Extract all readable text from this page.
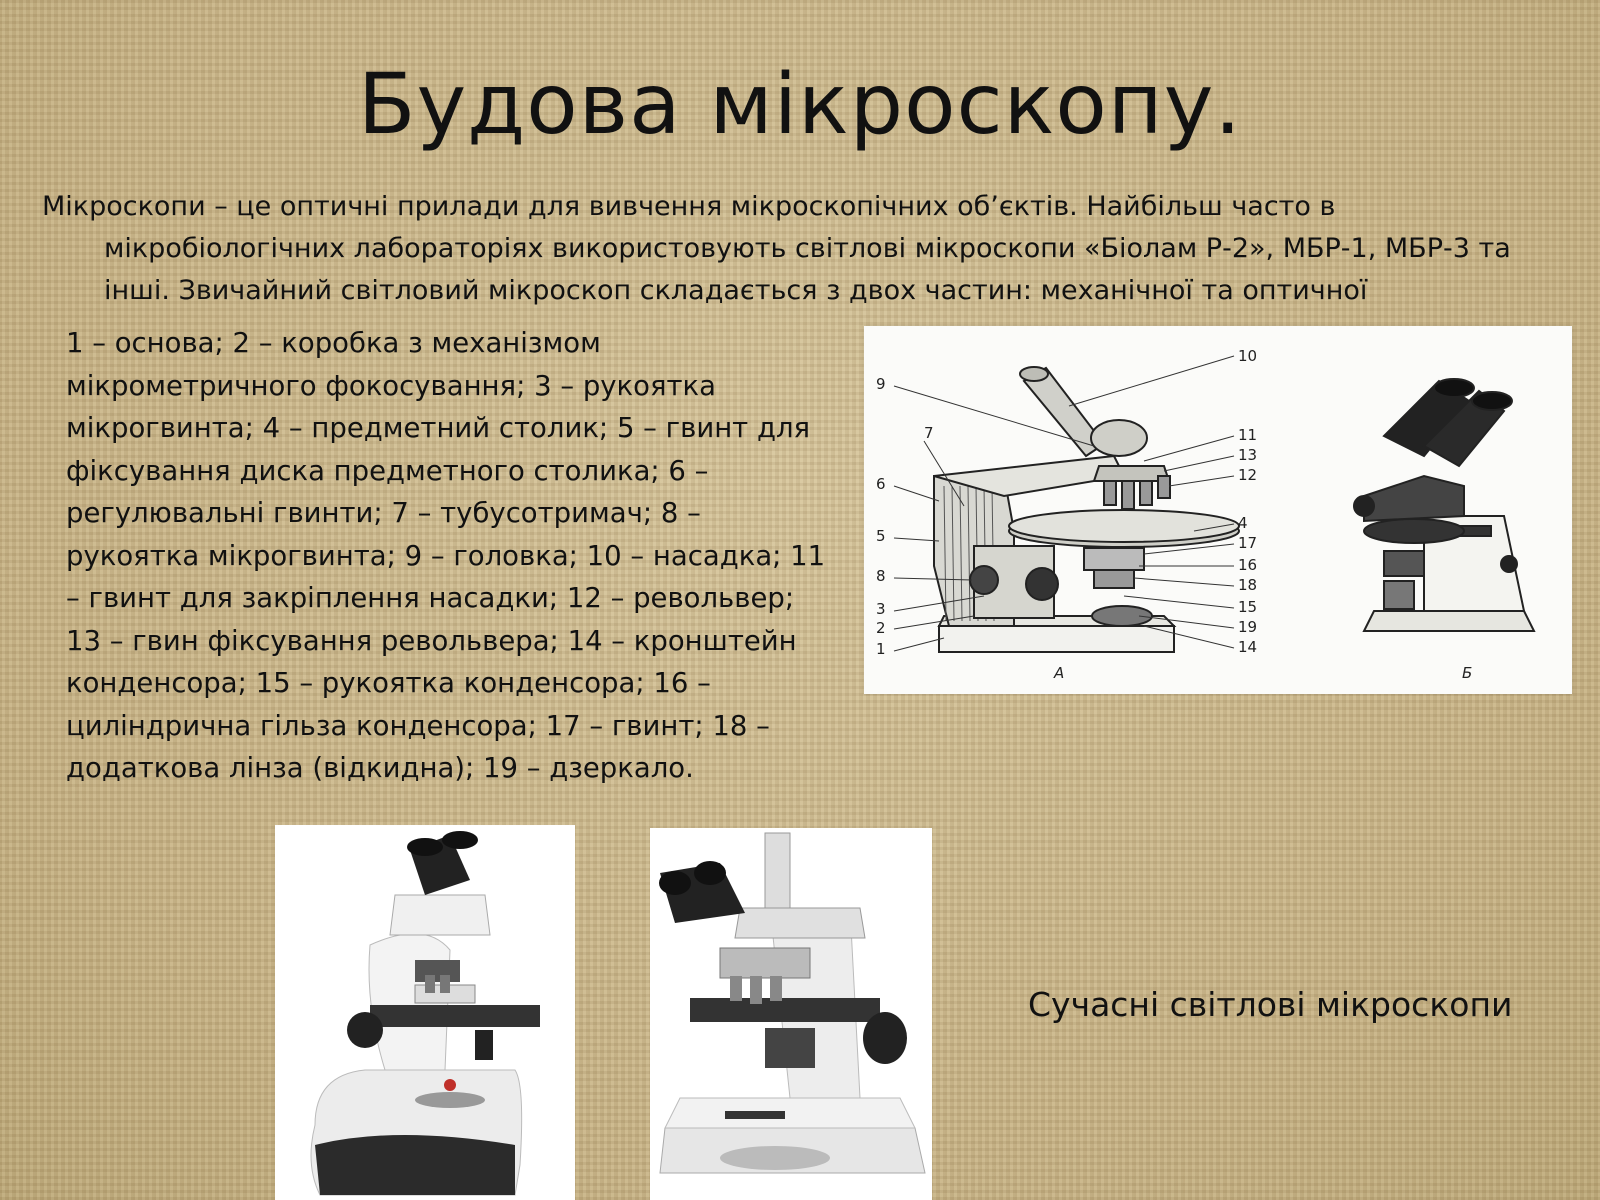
Будова мікроскопу.
Мікроскопи – це оптичні прилади для вивчення мікроскопічних об’єктів. Найбільш часто в мікробіологічних лабораторіях використовують світлові мікроскопи «Біолам Р-2», МБР-1, МБР-3 та інші. Звичайний світловий мікроскоп складається з двох частин: механічної та оптичної
1 – основа; 2 – коробка з механізмом мікрометричного фокосування; 3 – рукоятка мікрогвинта; 4 – предметний столик; 5 – гвинт для фіксування диска предметного столика; 6 – регулювальні гвинти; 7 – тубусотримач; 8 – рукоятка мікрогвинта; 9 – головка; 10 – насадка; 11 – гвинт для закріплення насадки; 12 – револьвер; 13 – гвин фіксування револьвера; 14 – кронштейн конденсора; 15 – рукоятка конденсора; 16 – циліндрична гільза конденсора; 17 – гвинт; 18 – додаткова лінза (відкидна); 19 – дзеркало.
9
7
6
5
8
3
2
1
10
11
13
12
4
17
16
18
15
19
14
А	Б
Сучасні світлові мікроскопи
